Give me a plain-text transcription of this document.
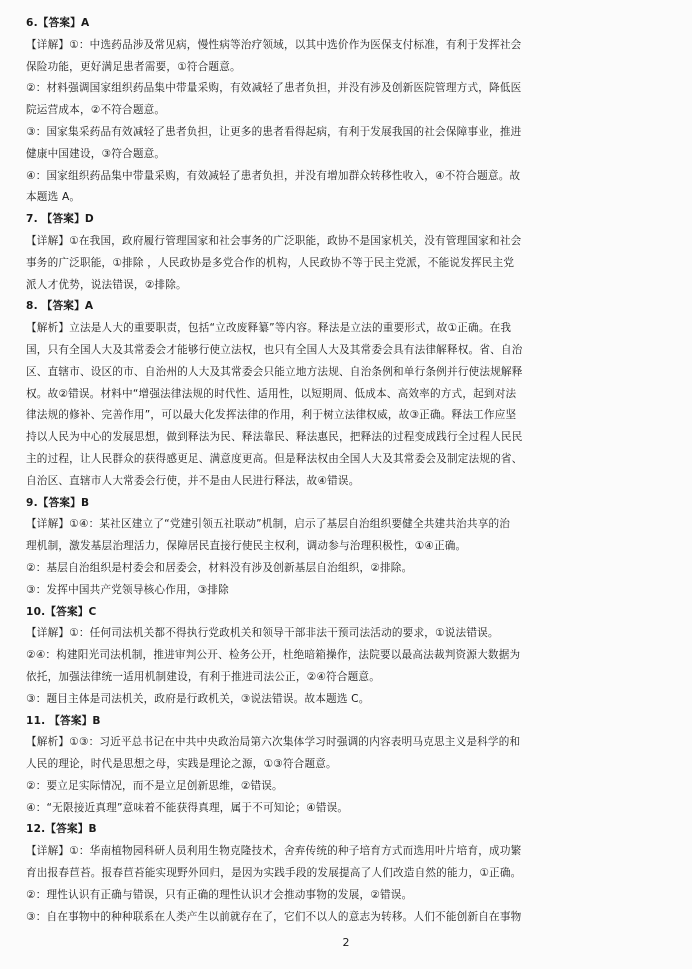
6.【答案】A
【详解】①：中选药品涉及常见病，慢性病等治疗领域，以其中选价作为医保支付标准，有利于发挥社会
保险功能，更好满足患者需要，①符合题意。
②：材料强调国家组织药品集中带量采购，有效减轻了患者负担，并没有涉及创新医院管理方式，降低医
院运营成本，②不符合题意。
③：国家集采药品有效减轻了患者负担，让更多的患者看得起病，有利于发展我国的社会保障事业，推进
健康中国建设，③符合题意。
④：国家组织药品集中带量采购，有效减轻了患者负担，并没有增加群众转移性收入，④不符合题意。故
本题选 A。
7. 【答案】D
【详解】①在我国，政府履行管理国家和社会事务的广泛职能，政协不是国家机关，没有管理国家和社会
事务的广泛职能，①排除 ，人民政协是多党合作的机构，人民政协不等于民主党派，不能说发挥民主党
派人才优势，说法错误，②排除。
8. 【答案】A
【解析】立法是人大的重要职责，包括“立改废释纂”等内容。释法是立法的重要形式，故①正确。在我
国，只有全国人大及其常委会才能够行使立法权，也只有全国人大及其常委会具有法律解释权。省、自治
区、直辖市、设区的市、自治州的人大及其常委会只能立地方法规、自治条例和单行条例并行使法规解释
权。故②错误。材料中“增强法律法规的时代性、适用性，以短期周、低成本、高效率的方式，起到对法
律法规的修补、完善作用”，可以最大化发挥法律的作用，利于树立法律权威，故③正确。释法工作应坚
持以人民为中心的发展思想，做到释法为民、释法靠民、释法惠民，把释法的过程变成践行全过程人民民
主的过程，让人民群众的获得感更足、满意度更高。但是释法权由全国人大及其常委会及制定法规的省、
自治区、直辖市人大常委会行使，并不是由人民进行释法，故④错误。
9.【答案】B
【详解】①④：某社区建立了“党建引领五社联动”机制，启示了基层自治组织要健全共建共治共享的治
理机制，激发基层治理活力，保障居民直接行使民主权利，调动参与治理积极性，①④正确。
②：基层自治组织是村委会和居委会，材料没有涉及创新基层自治组织，②排除。
③：发挥中国共产党领导核心作用，③排除
10.【答案】C
【详解】①：任何司法机关都不得执行党政机关和领导干部非法干预司法活动的要求，①说法错误。
②④：构建阳光司法机制，推进审判公开、检务公开，杜绝暗箱操作，法院要以最高法裁判资源大数据为
依托，加强法律统一适用机制建设，有利于推进司法公正，②④符合题意。
③：题目主体是司法机关，政府是行政机关，③说法错误。故本题选 C。
11. 【答案】B
【解析】①③：习近平总书记在中共中央政治局第六次集体学习时强调的内容表明马克思主义是科学的和
人民的理论，时代是思想之母，实践是理论之源，①③符合题意。
②：要立足实际情况，而不是立足创新思维，②错误。
④：“无限接近真理”意味着不能获得真理，属于不可知论；④错误。
12.【答案】B
【详解】①：华南植物园科研人员利用生物克隆技术，舍弃传统的种子培育方式而选用叶片培育，成功繁
育出报春苣苔。报春苣苔能实现野外回归，是因为实践手段的发展提高了人们改造自然的能力，①正确。
②：理性认识有正确与错误，只有正确的理性认识才会推动事物的发展，②错误。
③：自在事物中的种种联系在人类产生以前就存在了，它们不以人的意志为转移。人们不能创新自在事物
2
